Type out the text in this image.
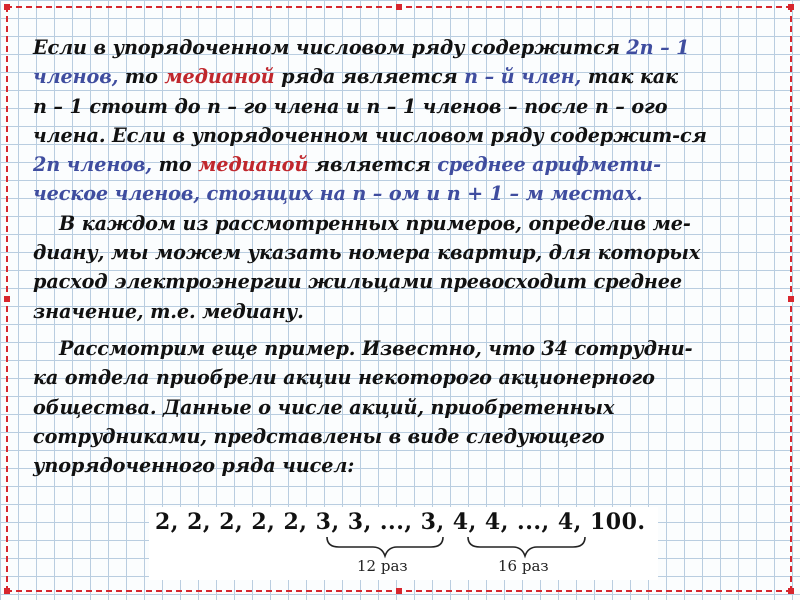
Если в упорядоченном числовом ряду содержится 2n – 1
членов, то медианой ряда является n – й член, так как
n – 1 стоит до n – го члена и n – 1 членов – после n – ого
члена. Если в упорядоченном числовом ряду содержит-ся
2n членов, то медианой является среднее арифмети-
ческое членов, стоящих на n – ом и n + 1 – м местах.
В каждом из рассмотренных примеров, определив ме-
диану, мы можем указать номера квартир, для которых
расход электроэнергии жильцами превосходит среднее
значение, т.е. медиану.
Рассмотрим еще пример. Известно, что 34 сотрудни-
ка отдела приобрели акции некоторого акционерного
общества. Данные о числе акций, приобретенных
сотрудниками, представлены в виде следующего
упорядоченного ряда чисел:
2, 2, 2, 2, 2, 3, 3, ..., 3, 4, 4, ..., 4, 100.
12 раз	16 раз
